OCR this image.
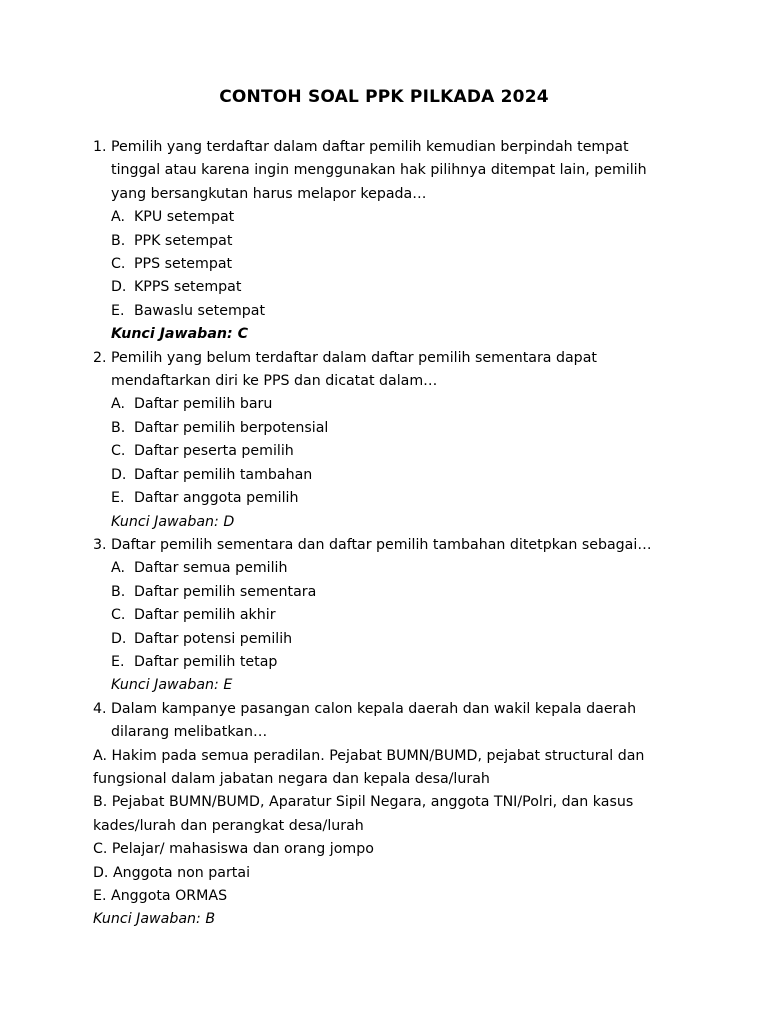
CONTOH SOAL PPK PILKADA 2024
1. Pemilih yang terdaftar dalam daftar pemilih kemudian berpindah tempat tinggal atau karena ingin menggunakan hak pilihnya ditempat lain, pemilih yang bersangkutan harus melapor kepada…
A. KPU setempat
B. PPK setempat
C. PPS setempat
D. KPPS setempat
E. Bawaslu setempat
Kunci Jawaban: C
2. Pemilih yang belum terdaftar dalam daftar pemilih sementara dapat mendaftarkan diri ke PPS dan dicatat dalam…
A. Daftar pemilih baru
B. Daftar pemilih berpotensial
C. Daftar peserta pemilih
D. Daftar pemilih tambahan
E. Daftar anggota pemilih
Kunci Jawaban: D
3. Daftar pemilih sementara dan daftar pemilih tambahan ditetpkan sebagai…
A. Daftar semua pemilih
B. Daftar pemilih sementara
C. Daftar pemilih akhir
D. Daftar potensi pemilih
E. Daftar pemilih tetap
Kunci Jawaban: E
4. Dalam kampanye pasangan calon kepala daerah dan wakil kepala daerah dilarang melibatkan…
A. Hakim pada semua peradilan. Pejabat BUMN/BUMD, pejabat structural dan fungsional dalam jabatan negara dan kepala desa/lurah
B. Pejabat BUMN/BUMD, Aparatur Sipil Negara, anggota TNI/Polri, dan kasus kades/lurah dan perangkat desa/lurah
C. Pelajar/ mahasiswa dan orang jompo
D. Anggota non partai
E. Anggota ORMAS
Kunci Jawaban: B
